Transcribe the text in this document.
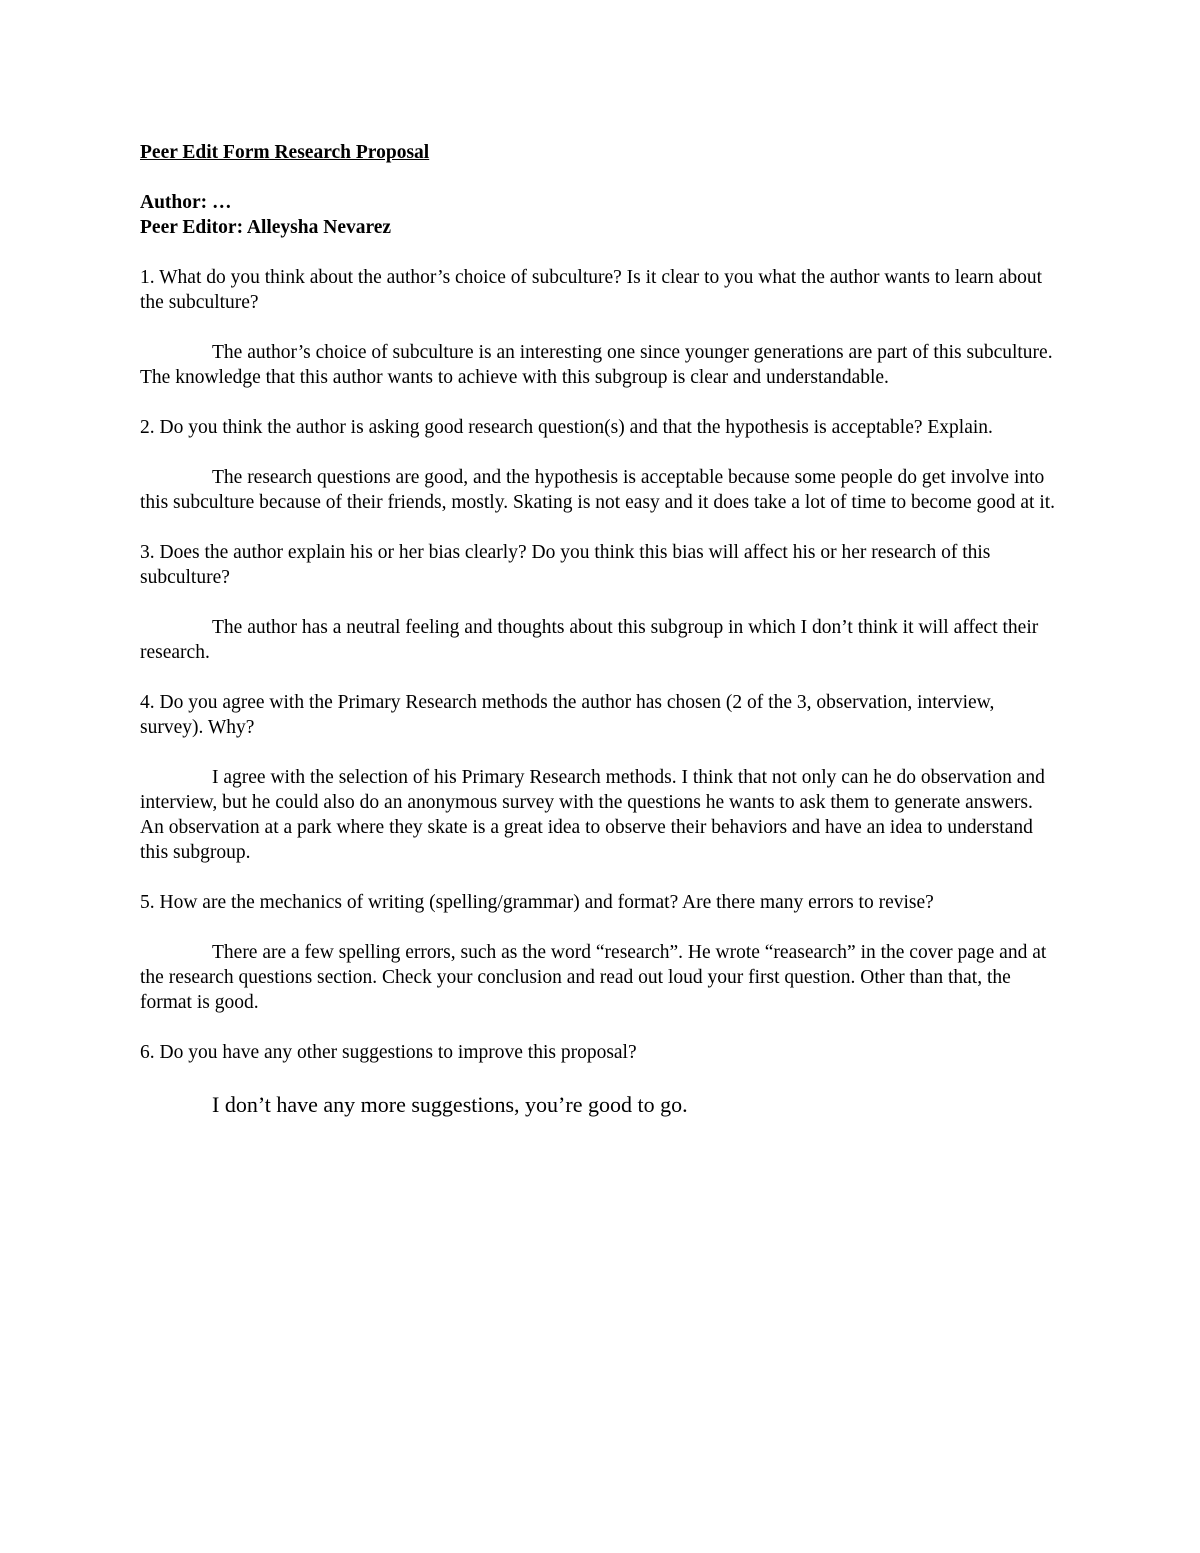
Peer Edit Form Research Proposal

Author: …

Peer Editor: Alleysha Nevarez

1. What do you think about the author’s choice of subculture? Is it clear to you what the author wants to learn about the subculture?

The author’s choice of subculture is an interesting one since younger generations are part of this subculture. The knowledge that this author wants to achieve with this subgroup is clear and understandable.

2. Do you think the author is asking good research question(s) and that the hypothesis is acceptable? Explain.

The research questions are good, and the hypothesis is acceptable because some people do get involve into this subculture because of their friends, mostly. Skating is not easy and it does take a lot of time to become good at it.

3. Does the author explain his or her bias clearly? Do you think this bias will affect his or her research of this subculture?

The author has a neutral feeling and thoughts about this subgroup in which I don’t think it will affect their research.

4. Do you agree with the Primary Research methods the author has chosen (2 of the 3, observation, interview, survey). Why?

I agree with the selection of his Primary Research methods. I think that not only can he do observation and interview, but he could also do an anonymous survey with the questions he wants to ask them to generate answers. An observation at a park where they skate is a great idea to observe their behaviors and have an idea to understand this subgroup.

5. How are the mechanics of writing (spelling/grammar) and format? Are there many errors to revise?

There are a few spelling errors, such as the word “research”. He wrote “reasearch” in the cover page and at the research questions section. Check your conclusion and read out loud your first question. Other than that, the format is good.

6. Do you have any other suggestions to improve this proposal?

I don’t have any more suggestions, you’re good to go.
